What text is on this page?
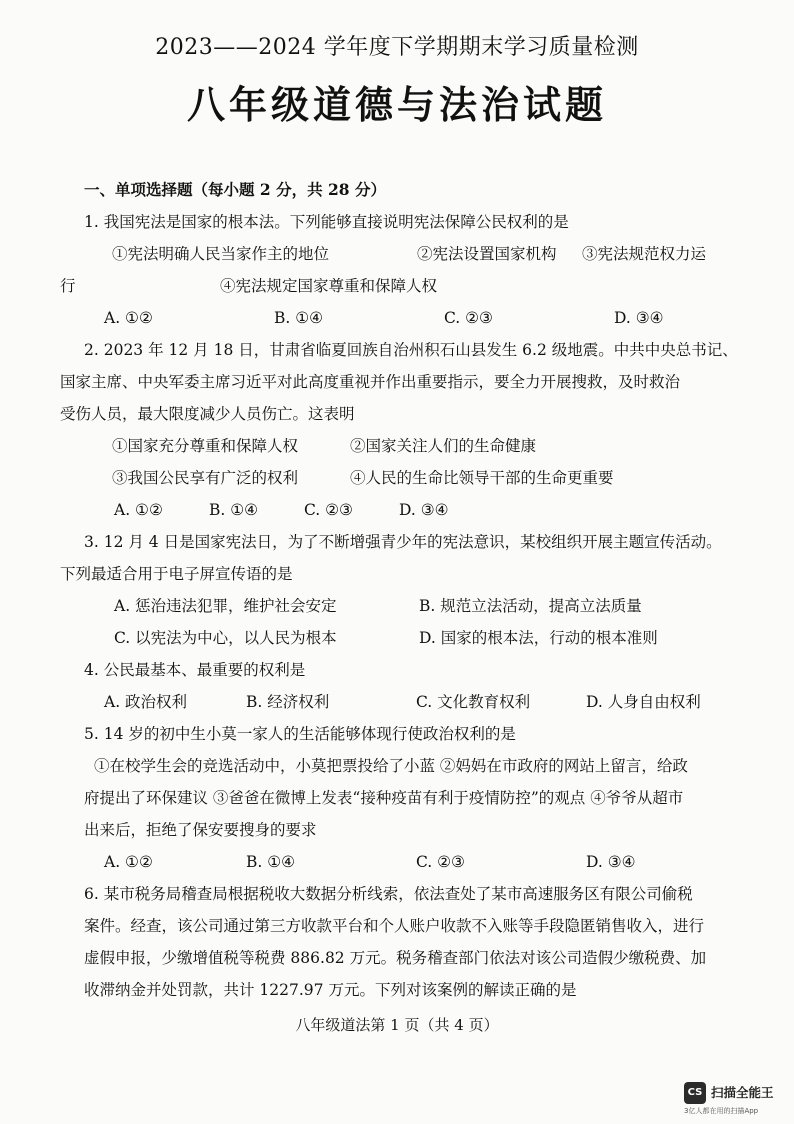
2023——2024 学年度下学期期末学习质量检测
八年级道德与法治试题
一、单项选择题（每小题 2 分，共 28 分）
1. 我国宪法是国家的根本法。下列能够直接说明宪法保障公民权利的是
①宪法明确人民当家作主的地位	②宪法设置国家机构 ③宪法规范权力运
行	④宪法规定国家尊重和保障人权
A. ①②	B. ①④	C. ②③	D. ③④
2. 2023 年 12 月 18 日，甘肃省临夏回族自治州积石山县发生 6.2 级地震。中共中央总书记、
国家主席、中央军委主席习近平对此高度重视并作出重要指示，要全力开展搜救，及时救治
受伤人员，最大限度减少人员伤亡。这表明
①国家充分尊重和保障人权	②国家关注人们的生命健康
③我国公民享有广泛的权利	④人民的生命比领导干部的生命更重要
A. ①②	B. ①④	C. ②③	D. ③④
3. 12 月 4 日是国家宪法日，为了不断增强青少年的宪法意识，某校组织开展主题宣传活动。
下列最适合用于电子屏宣传语的是
A. 惩治违法犯罪，维护社会安定	B. 规范立法活动，提高立法质量
C. 以宪法为中心，以人民为根本	D. 国家的根本法，行动的根本准则
4. 公民最基本、最重要的权利是
A. 政治权利	B. 经济权利	C. 文化教育权利	D. 人身自由权利
5. 14 岁的初中生小莫一家人的生活能够体现行使政治权利的是
①在校学生会的竞选活动中，小莫把票投给了小蓝 ②妈妈在市政府的网站上留言，给政
府提出了环保建议 ③爸爸在微博上发表“接种疫苗有利于疫情防控”的观点 ④爷爷从超市
出来后，拒绝了保安要搜身的要求
A. ①②	B. ①④	C. ②③	D. ③④
6. 某市税务局稽查局根据税收大数据分析线索，依法查处了某市高速服务区有限公司偷税
案件。经查，该公司通过第三方收款平台和个人账户收款不入账等手段隐匿销售收入，进行
虚假申报，少缴增值税等税费 886.82 万元。税务稽查部门依法对该公司造假少缴税费、加
收滞纳金并处罚款，共计 1227.97 万元。下列对该案例的解读正确的是
八年级道法第 1 页（共 4 页）
CS 扫描全能王
3亿人都在用的扫描App
